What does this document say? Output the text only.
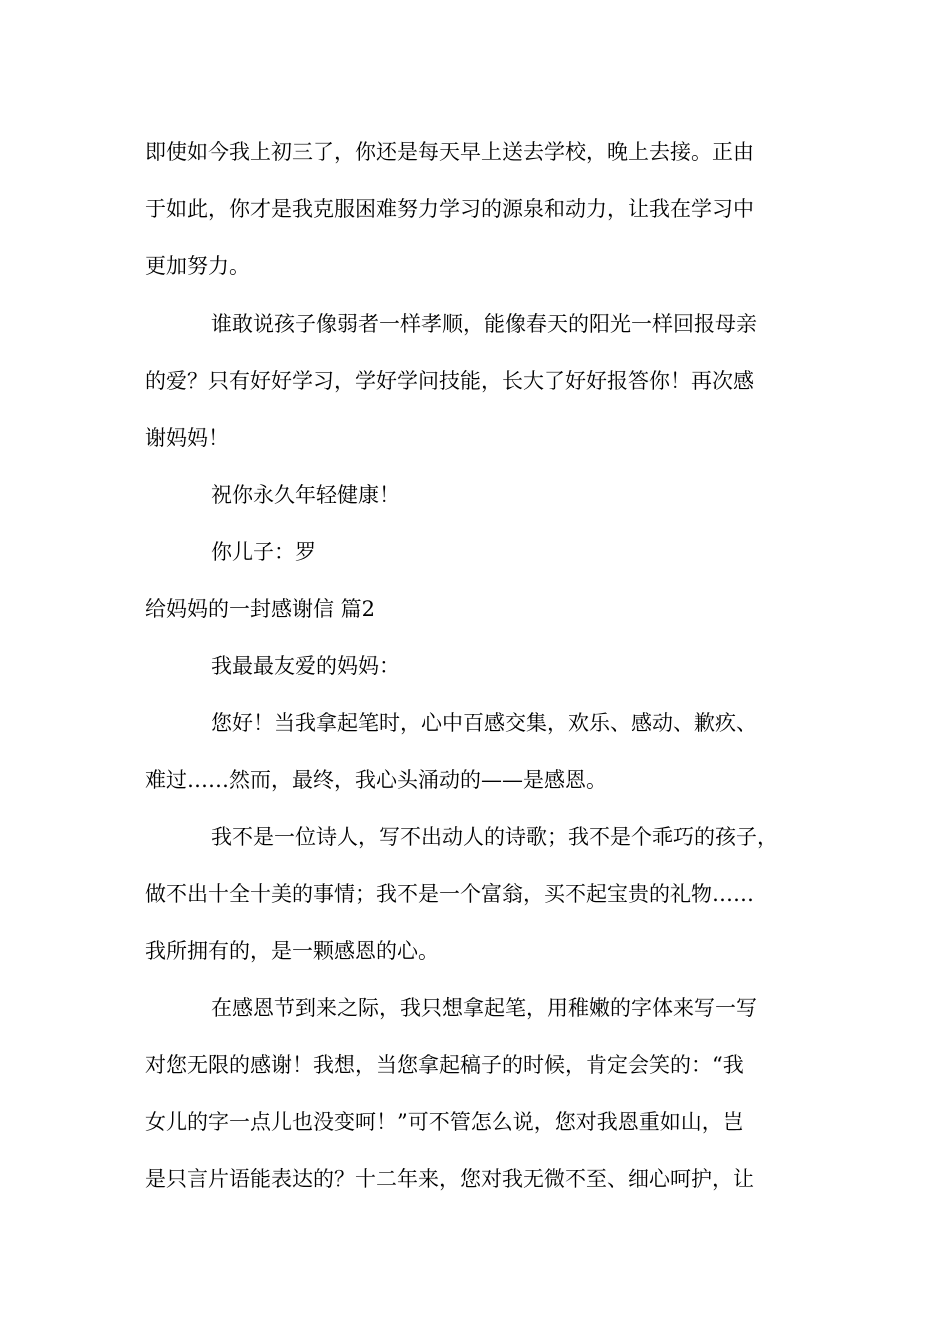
即使如今我上初三了，你还是每天早上送去学校，晚上去接。正由
于如此，你才是我克服困难努力学习的源泉和动力，让我在学习中
更加努力。
谁敢说孩子像弱者一样孝顺，能像春天的阳光一样回报母亲
的爱？只有好好学习，学好学问技能，长大了好好报答你！再次感
谢妈妈！
祝你永久年轻健康！
你儿子：罗
给妈妈的一封感谢信 篇2
我最最友爱的妈妈：
您好！当我拿起笔时，心中百感交集，欢乐、感动、歉疚、
难过……然而，最终，我心头涌动的——是感恩。
我不是一位诗人，写不出动人的诗歌；我不是个乖巧的孩子，
做不出十全十美的事情；我不是一个富翁，买不起宝贵的礼物……
我所拥有的，是一颗感恩的心。
在感恩节到来之际，我只想拿起笔，用稚嫩的字体来写一写
对您无限的感谢！我想，当您拿起稿子的时候，肯定会笑的：“我
女儿的字一点儿也没变呵！”可不管怎么说，您对我恩重如山，岂
是只言片语能表达的？十二年来，您对我无微不至、细心呵护，让
